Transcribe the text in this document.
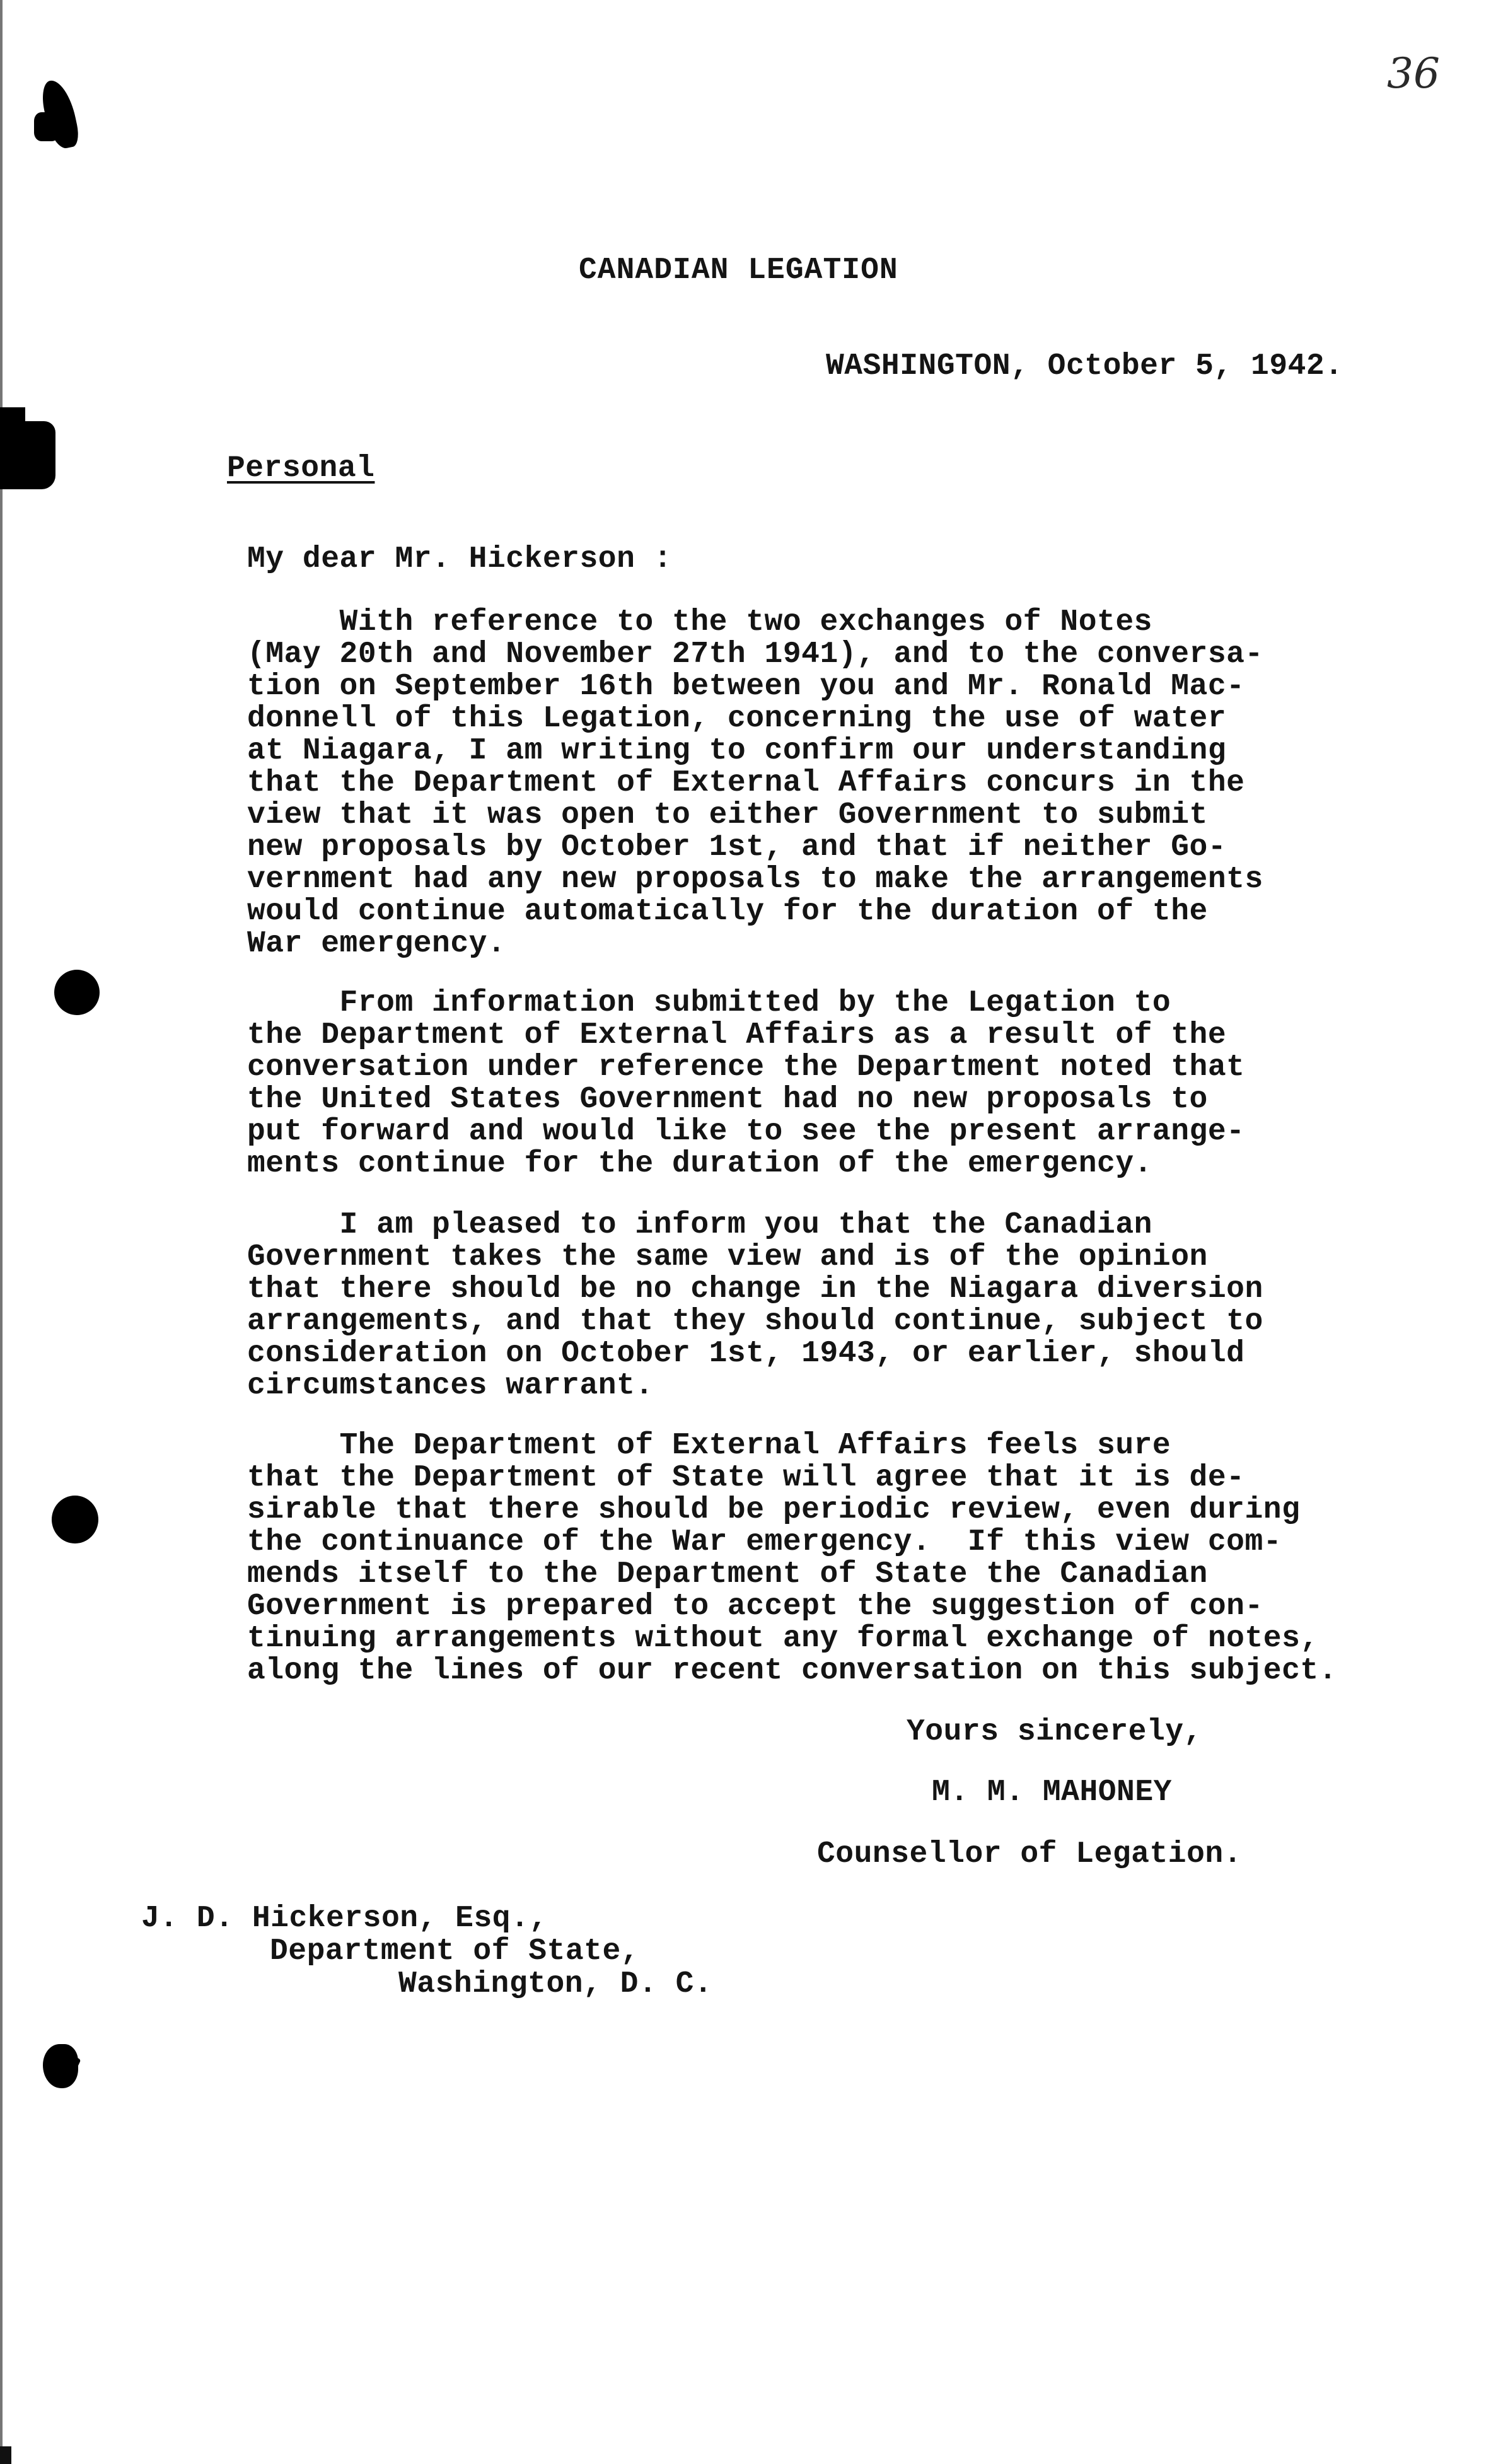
36

CANADIAN LEGATION

WASHINGTON, October 5, 1942.

Personal

My dear Mr. Hickerson :

With reference to the two exchanges of Notes
(May 20th and November 27th 1941), and to the conversa-
tion on September 16th between you and Mr. Ronald Mac-
donnell of this Legation, concerning the use of water
at Niagara, I am writing to confirm our understanding
that the Department of External Affairs concurs in the
view that it was open to either Government to submit
new proposals by October 1st, and that if neither Go-
vernment had any new proposals to make the arrangements
would continue automatically for the duration of the
War emergency.

From information submitted by the Legation to
the Department of External Affairs as a result of the
conversation under reference the Department noted that
the United States Government had no new proposals to
put forward and would like to see the present arrange-
ments continue for the duration of the emergency.

I am pleased to inform you that the Canadian
Government takes the same view and is of the opinion
that there should be no change in the Niagara diversion
arrangements, and that they should continue, subject to
consideration on October 1st, 1943, or earlier, should
circumstances warrant.

The Department of External Affairs feels sure
that the Department of State will agree that it is de-
sirable that there should be periodic review, even during
the continuance of the War emergency.  If this view com-
mends itself to the Department of State the Canadian
Government is prepared to accept the suggestion of con-
tinuing arrangements without any formal exchange of notes,
along the lines of our recent conversation on this subject.

Yours sincerely,

M. M. MAHONEY

Counsellor of Legation.

J. D. Hickerson, Esq.,

Department of State,

Washington, D. C.
